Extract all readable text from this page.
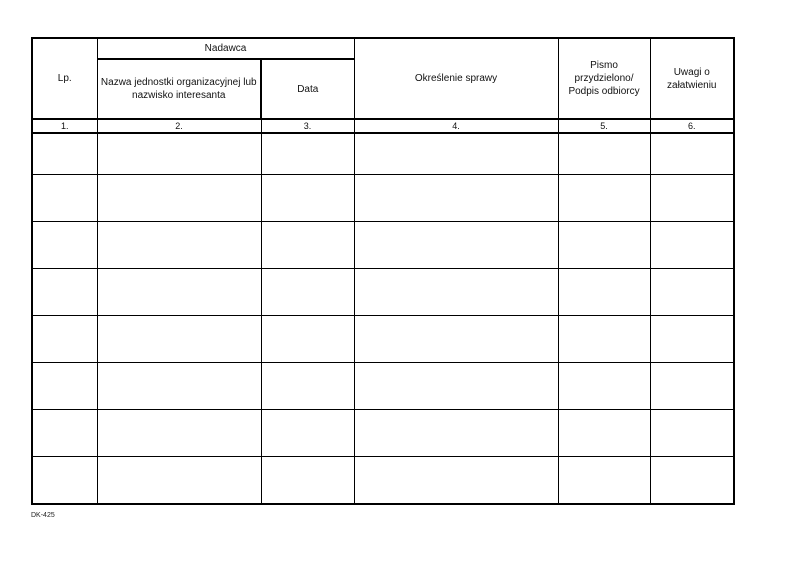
Lp.	Nadawca		Określenie sprawy	Pismo przydzielono/ Podpis odbiorcy	Uwagi o załatwieniu
	Nazwa jednostki organizacyjnej lub nazwisko interesanta	Data			
1.	2.	3.	4.	5.	6.

DK-425
